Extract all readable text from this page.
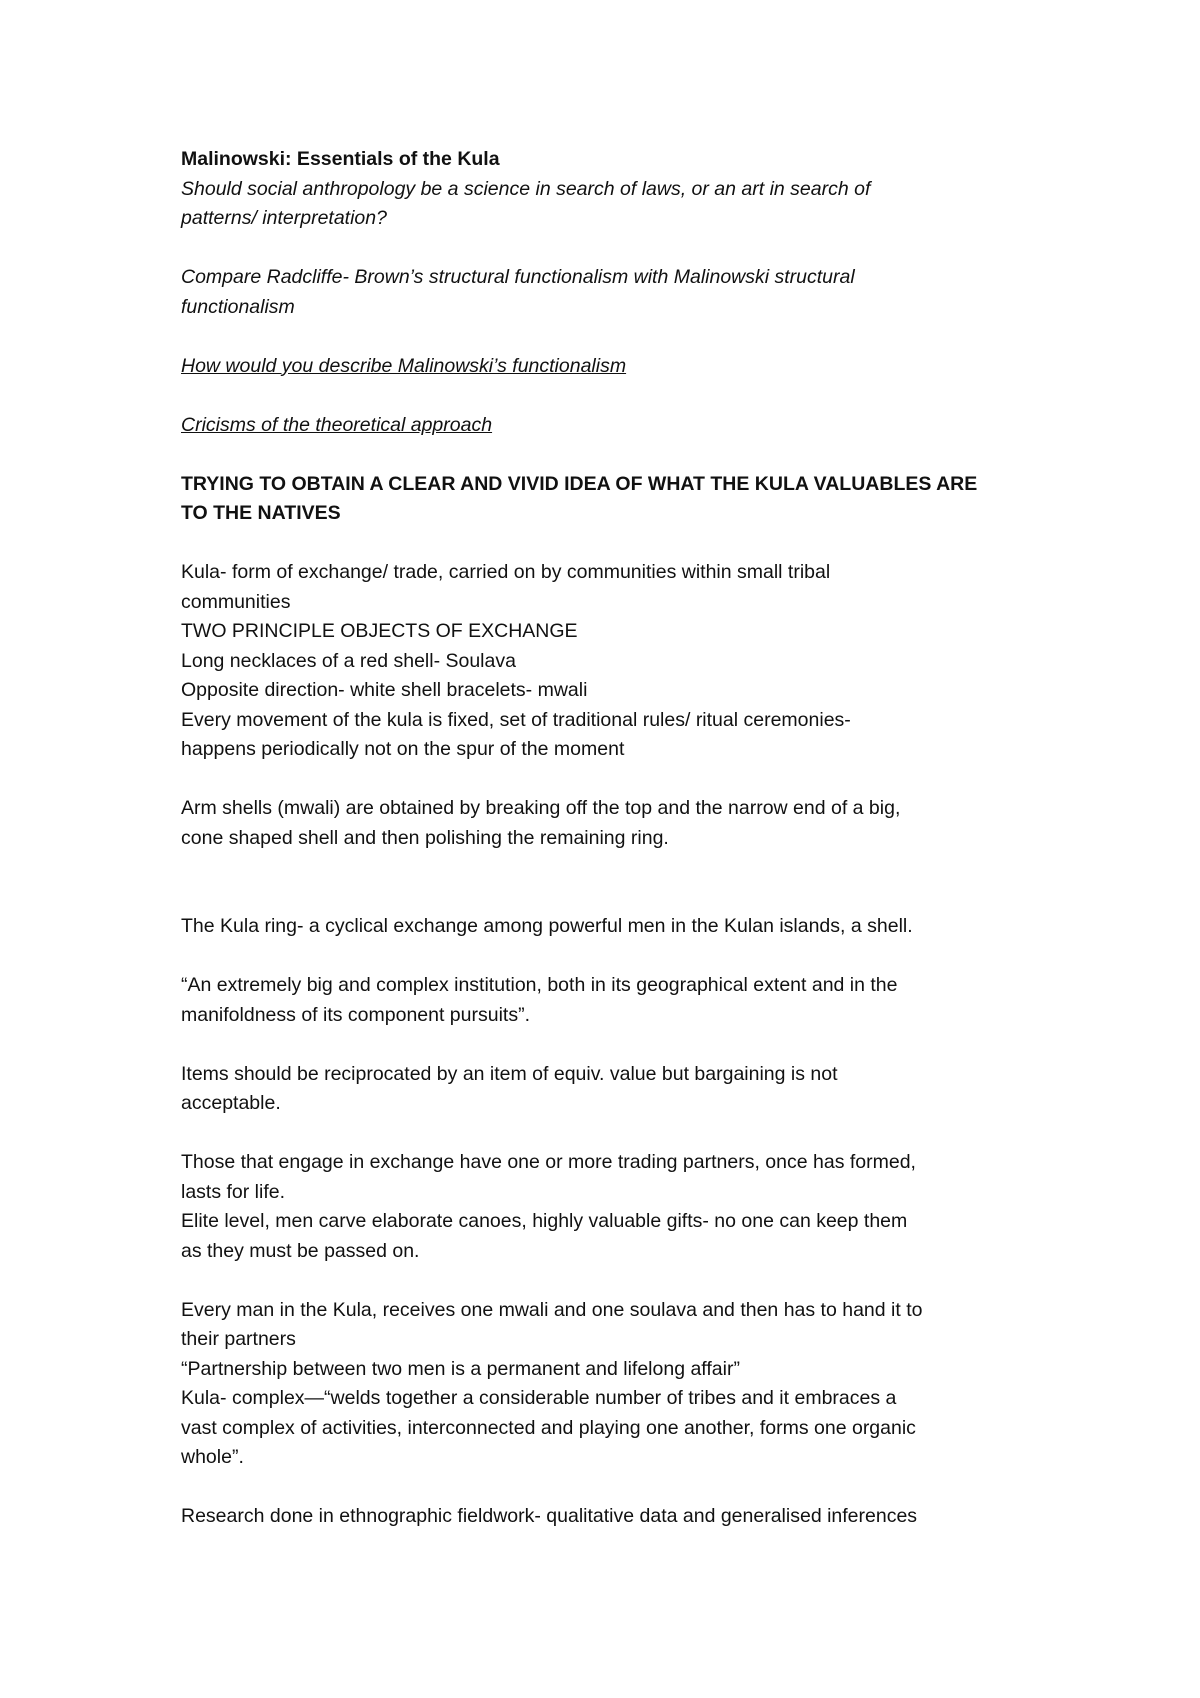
Malinowski: Essentials of the Kula
Should social anthropology be a science in search of laws, or an art in search of
patterns/ interpretation?
Compare Radcliffe- Brown’s structural functionalism with Malinowski structural
functionalism
How would you describe Malinowski’s functionalism
Cricisms of the theoretical approach
TRYING TO OBTAIN A CLEAR AND VIVID IDEA OF WHAT THE KULA VALUABLES ARE
TO THE NATIVES
Kula- form of exchange/ trade, carried on by communities within small tribal
communities
TWO PRINCIPLE OBJECTS OF EXCHANGE
Long necklaces of a red shell- Soulava
Opposite direction- white shell bracelets- mwali
Every movement of the kula is fixed, set of traditional rules/ ritual ceremonies-
happens periodically not on the spur of the moment
Arm shells (mwali) are obtained by breaking off the top and the narrow end of a big,
cone shaped shell and then polishing the remaining ring.
The Kula ring- a cyclical exchange among powerful men in the Kulan islands, a shell.
“An extremely big and complex institution, both in its geographical extent and in the
manifoldness of its component pursuits”.
Items should be reciprocated by an item of equiv. value but bargaining is not
acceptable.
Those that engage in exchange have one or more trading partners, once has formed,
lasts for life.
Elite level, men carve elaborate canoes, highly valuable gifts- no one can keep them
as they must be passed on.
Every man in the Kula, receives one mwali and one soulava and then has to hand it to
their partners
“Partnership between two men is a permanent and lifelong affair”
Kula- complex—“welds together a considerable number of tribes and it embraces a
vast complex of activities, interconnected and playing one another, forms one organic
whole”.
Research done in ethnographic fieldwork- qualitative data and generalised inferences
